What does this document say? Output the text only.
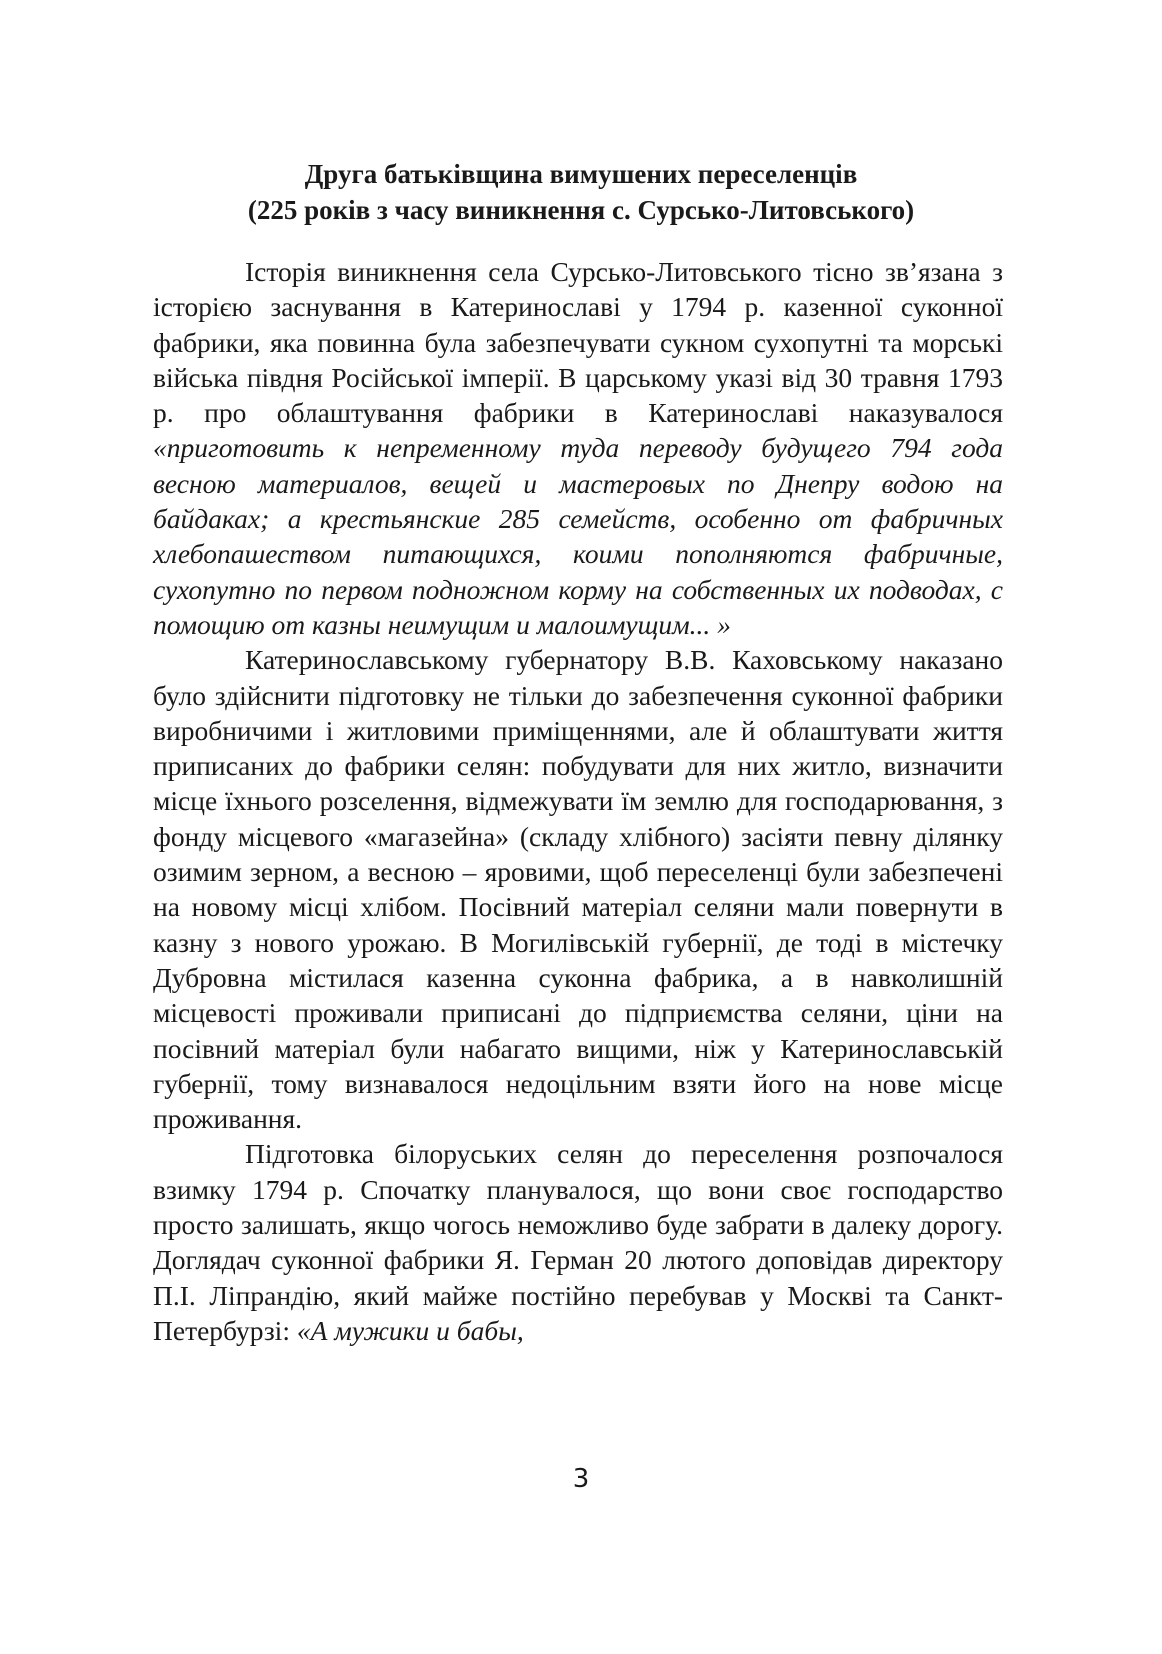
Друга батьківщина вимушених переселенців
(225 років з часу виникнення с. Сурсько-Литовського)

Історія виникнення села Сурсько-Литовського тісно зв’язана з історією заснування в Катеринославі у 1794 р. казенної суконної фабрики, яка повинна була забезпечувати сукном сухопутні та морські війська півдня Російської імперії. В царському указі від 30 травня 1793 р. про облаштування фабрики в Катеринославі наказувалося «приготовить к непременному туда переводу будущего 794 года весною материалов, вещей и мастеровых по Днепру водою на байдаках; а крестьянские 285 семейств, особенно от фабричных хлебопашеством питающихся, коими пополняются фабричные, сухопутно по первом подножном корму на собственных их подводах, с помощию от казны неимущим и малоимущим... »

Катеринославському губернатору В.В. Каховському наказано було здійснити підготовку не тільки до забезпечення суконної фабрики виробничими і житловими приміщеннями, але й облаштувати життя приписаних до фабрики селян: побудувати для них житло, визначити місце їхнього розселення, відмежувати їм землю для господарювання, з фонду місцевого «магазейна» (складу хлібного) засіяти певну ділянку озимим зерном, а весною – яровими, щоб переселенці були забезпечені на новому місці хлібом. Посівний матеріал селяни мали повернути в казну з нового урожаю. В Могилівській губернії, де тоді в містечку Дубровна містилася казенна суконна фабрика, а в навколишній місцевості проживали приписані до підприємства селяни, ціни на посівний матеріал були набагато вищими, ніж у Катеринославській губернії, тому визнавалося недоцільним взяти його на нове місце проживання.

Підготовка білоруських селян до переселення розпочалося взимку 1794 р. Спочатку планувалося, що вони своє господарство просто залишать, якщо чогось неможливо буде забрати в далеку дорогу. Доглядач суконної фабрики Я. Герман 20 лютого доповідав директору П.І. Ліпрандію, який майже постійно перебував у Москві та Санкт-Петербурзі: «А мужики и бабы,

3
